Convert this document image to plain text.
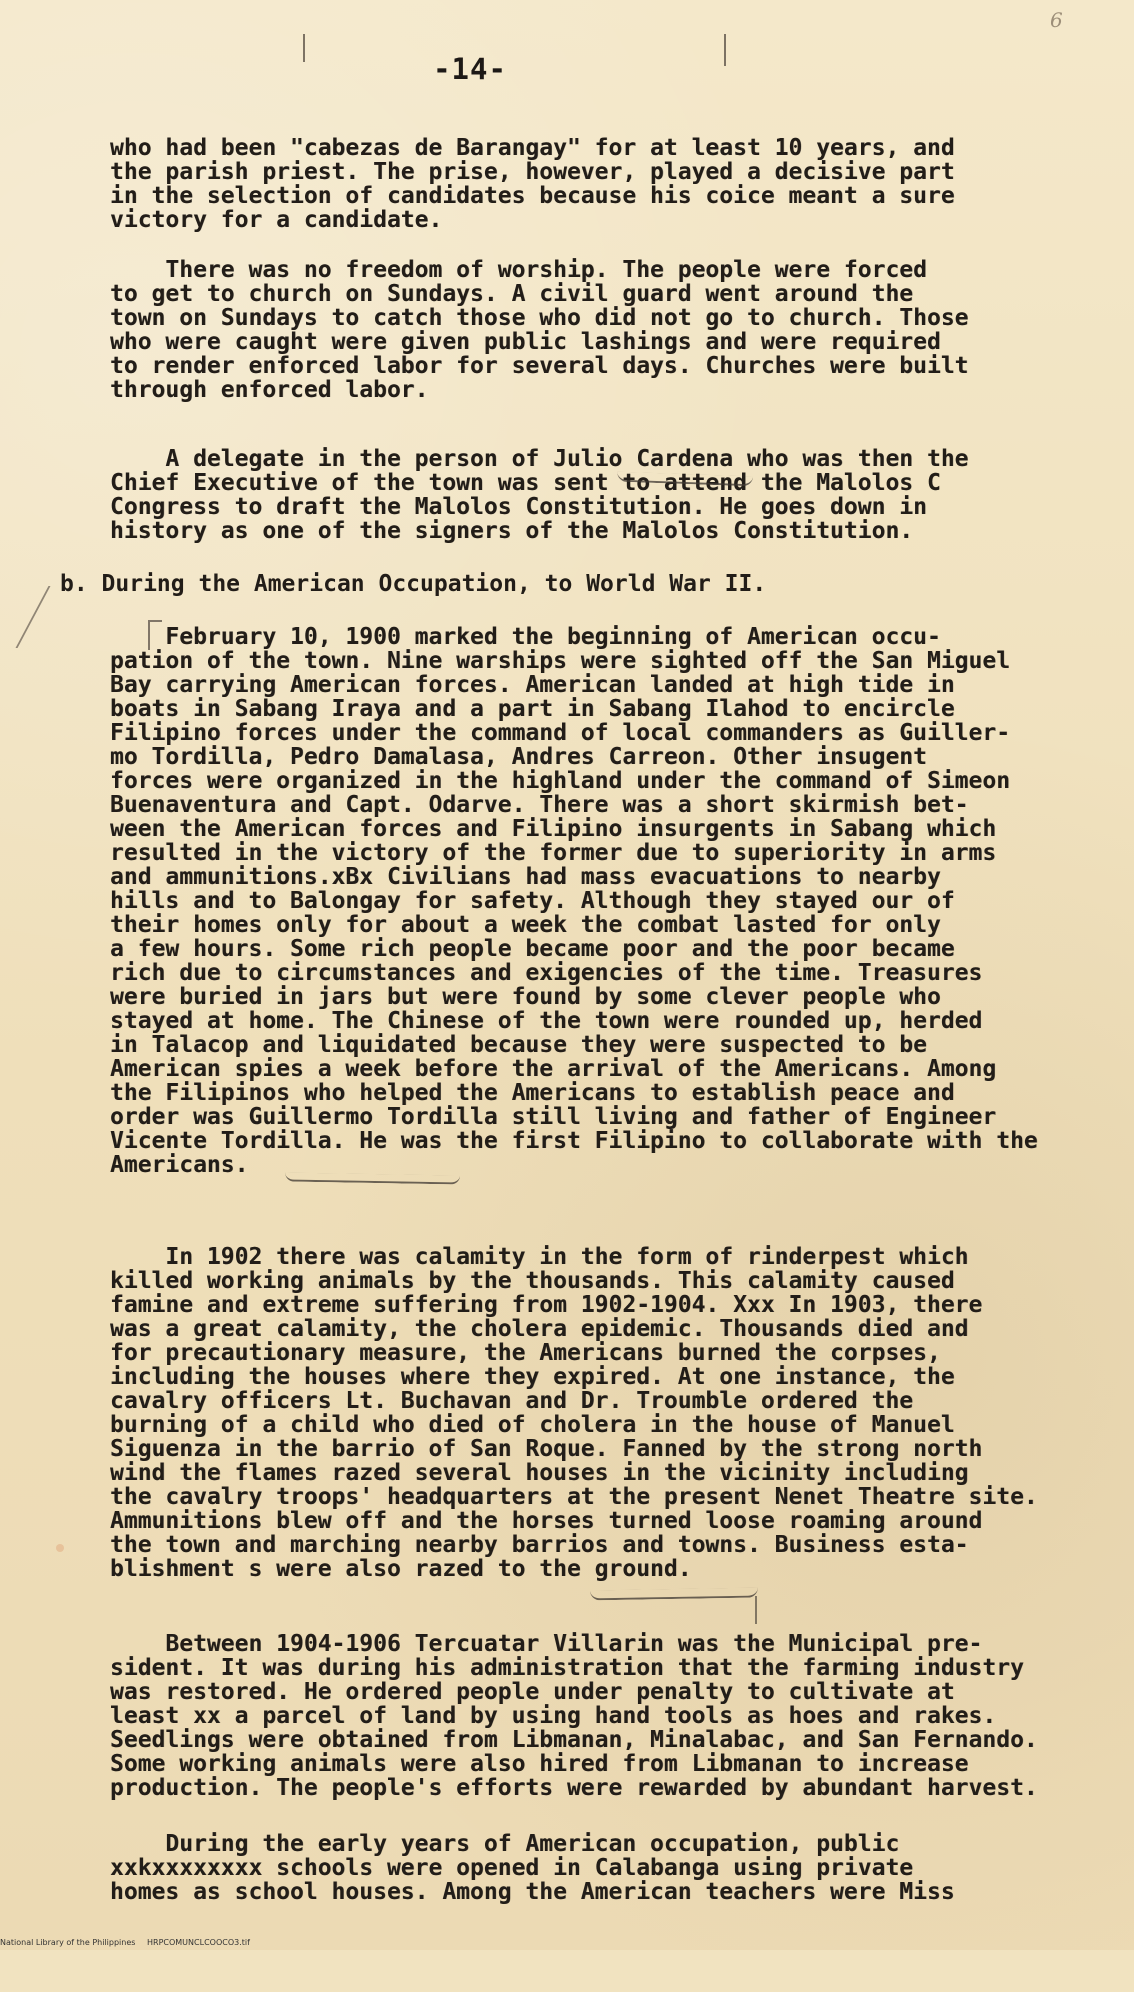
6
-14-
who had been "cabezas de Barangay" for at least 10 years, and
the parish priest. The prise, however, played a decisive part
in the selection of candidates because his coice meant a sure
victory for a candidate.
There was no freedom of worship. The people were forced
to get to church on Sundays. A civil guard went around the
town on Sundays to catch those who did not go to church. Those
who were caught were given public lashings and were required
to render enforced labor for several days. Churches were built
through enforced labor.
A delegate in the person of Julio Cardena who was then the
Chief Executive of the town was sent to attend the Malolos C
Congress to draft the Malolos Constitution. He goes down in
history as one of the signers of the Malolos Constitution.
b. During the American Occupation, to World War II.
February 10, 1900 marked the beginning of American occu-
pation of the town. Nine warships were sighted off the San Miguel
Bay carrying American forces. American landed at high tide in
boats in Sabang Iraya and a part in Sabang Ilahod to encircle
Filipino forces under the command of local commanders as Guiller-
mo Tordilla, Pedro Damalasa, Andres Carreon. Other insugent
forces were organized in the highland under the command of Simeon
Buenaventura and Capt. Odarve. There was a short skirmish bet-
ween the American forces and Filipino insurgents in Sabang which
resulted in the victory of the former due to superiority in arms
and ammunitions.xBx Civilians had mass evacuations to nearby
hills and to Balongay for safety. Although they stayed our of
their homes only for about a week the combat lasted for only
a few hours. Some rich people became poor and the poor became
rich due to circumstances and exigencies of the time. Treasures
were buried in jars but were found by some clever people who
stayed at home. The Chinese of the town were rounded up, herded
in Talacop and liquidated because they were suspected to be
American spies a week before the arrival of the Americans. Among
the Filipinos who helped the Americans to establish peace and
order was Guillermo Tordilla still living and father of Engineer
Vicente Tordilla. He was the first Filipino to collaborate with the
Americans.
In 1902 there was calamity in the form of rinderpest which
killed working animals by the thousands. This calamity caused
famine and extreme suffering from 1902-1904. Xxx In 1903, there
was a great calamity, the cholera epidemic. Thousands died and
for precautionary measure, the Americans burned the corpses,
including the houses where they expired. At one instance, the
cavalry officers Lt. Buchavan and Dr. Troumble ordered the
burning of a child who died of cholera in the house of Manuel
Siguenza in the barrio of San Roque. Fanned by the strong north
wind the flames razed several houses in the vicinity including
the cavalry troops' headquarters at the present Nenet Theatre site.
Ammunitions blew off and the horses turned loose roaming around
the town and marching nearby barrios and towns. Business esta-
blishment s were also razed to the ground.
Between 1904-1906 Tercuatar Villarin was the Municipal pre-
sident. It was during his administration that the farming industry
was restored. He ordered people under penalty to cultivate at
least xx a parcel of land by using hand tools as hoes and rakes.
Seedlings were obtained from Libmanan, Minalabac, and San Fernando.
Some working animals were also hired from Libmanan to increase
production. The people's efforts were rewarded by abundant harvest.
During the early years of American occupation, public
xxkxxxxxxxx schools were opened in Calabanga using private
homes as school houses. Among the American teachers were Miss

National Library of the Philippines

HRPCOMUNCLCOOCO3.tif
